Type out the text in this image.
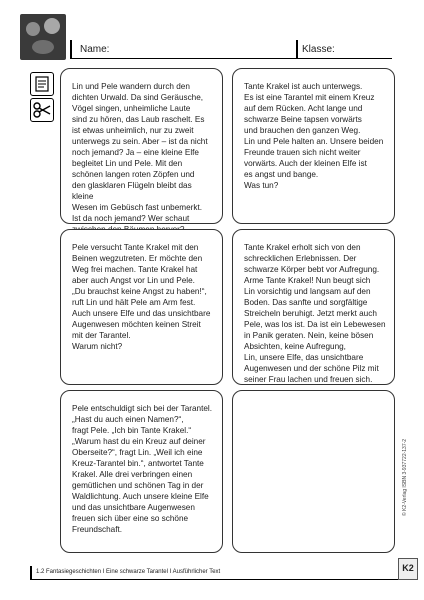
Name:	Klasse:
Lin und Pele wandern durch den
dichten Urwald. Da sind Geräusche,
Vögel singen, unheimliche Laute
sind zu hören, das Laub raschelt. Es
ist etwas unheimlich, nur zu zweit
unterwegs zu sein. Aber – ist da nicht
noch jemand? Ja – eine kleine Elfe
begleitet Lin und Pele. Mit den
schönen langen roten Zöpfen und
den glasklaren Flügeln bleibt das kleine
Wesen im Gebüsch fast unbemerkt.
Ist da noch jemand? Wer schaut

Tante Krakel ist auch unterwegs.
Es ist eine Tarantel mit einem Kreuz
auf dem Rücken. Acht lange und
schwarze Beine tapsen vorwärts
und brauchen den ganzen Weg.
Lin und Pele halten an. Unsere beiden
Freunde trauen sich nicht weiter
vorwärts. Auch der kleinen Elfe ist
es angst und bange.
Was tun?
Pele versucht Tante Krakel mit den
Beinen wegzutreten. Er möchte den
Weg frei machen. Tante Krakel hat
aber auch Angst vor Lin und Pele.
„Du brauchst keine Angst zu haben!“,
ruft Lin und hält Pele am Arm fest.
Auch unsere Elfe und das unsichtbare
Augenwesen möchten keinen Streit
mit der Tarantel.
Warum nicht?
Tante Krakel erholt sich von den
schrecklichen Erlebnissen. Der
schwarze Körper bebt vor Aufregung.
Arme Tante Krakel! Nun beugt sich
Lin vorsichtig und langsam auf den
Boden. Das sanfte und sorgfältige
Streicheln beruhigt. Jetzt merkt auch
Pele, was los ist. Da ist ein Lebewesen
in Panik geraten. Nein, keine bösen
Absichten, keine Aufregung,
Lin, unsere Elfe, das unsichtbare
Augenwesen und der schöne Pilz mit
seiner Frau lachen und freuen sich.
Pele entschuldigt sich bei der Tarantel.
„Hast du auch einen Namen?“,
fragt Pele. „Ich bin Tante Krakel.“
„Warum hast du ein Kreuz auf deiner
Oberseite?“, fragt Lin. „Weil ich eine
Kreuz-Tarantel bin.“, antwortet Tante
Krakel. Alle drei verbringen einen
gemütlichen und schönen Tag in der
Waldlichtung. Auch unsere kleine Elfe
und das unsichtbare Augenwesen
freuen sich über eine so schöne
Freundschaft.
© K2-Verlag ISBN 3-937722-137-2
K2
1.2 Fantasiegeschichten I Eine schwarze Tarantel I Ausführlicher Text
